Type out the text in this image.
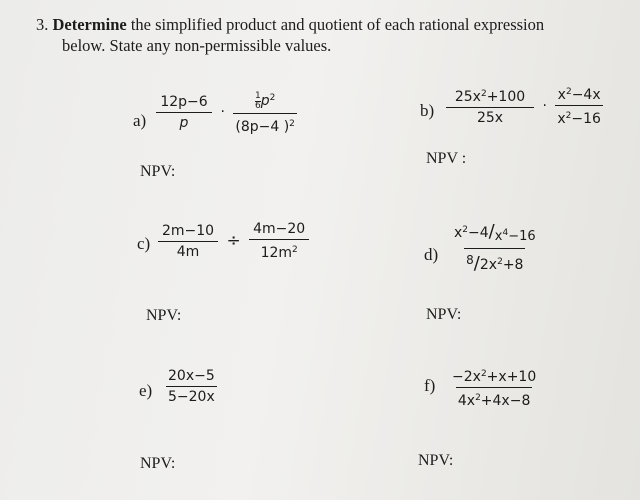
3. Determine the simplified product and quotient of each rational expression
below. State any non-permissible values.
$a) \frac{12p-6}{p} \cdot \frac{\frac{1}{6} p^2}{(8p-4 )^2}$
NPV:
$b) \frac{25x^2+100}{25x} \cdot \frac{x^2-4x}{x^2-16}$
NPV :
$c) \frac{2m-10}{4m} \div \frac{4m-20}{12m^2}$
NPV:
$d) \frac{x^2-4/x^4-16}{^8/2x^2+8}$
NPV:
$e) \frac{20x-5}{5-20x}$
NPV:
$f) \frac{-2x^2+x+10}{4x^2+4x-8}$
NPV:
